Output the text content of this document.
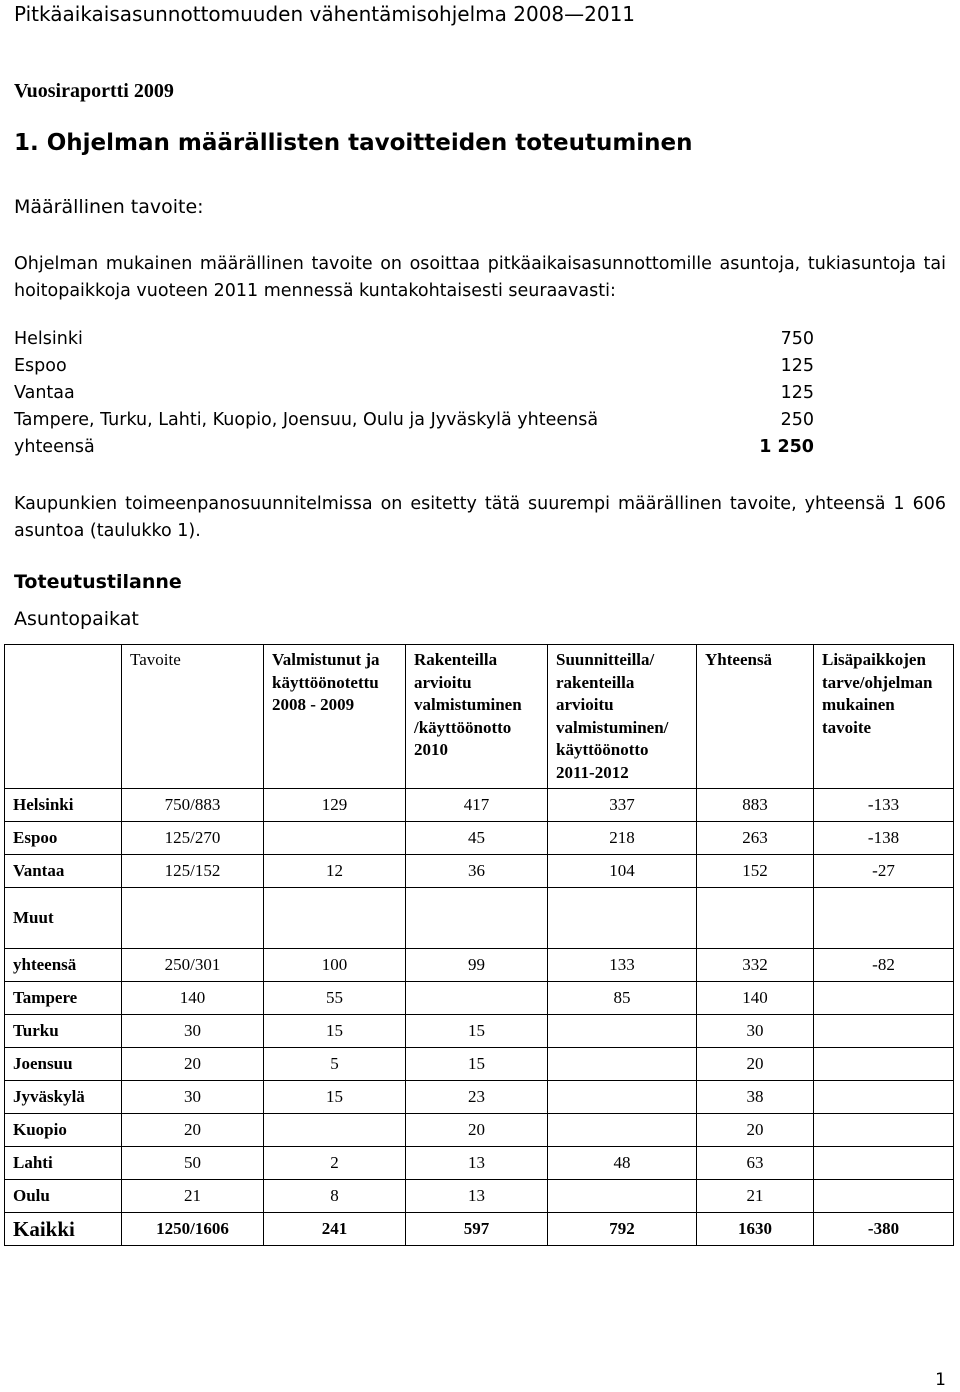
Pitkäaikaisasunnottomuuden vähentämisohjelma 2008—2011
Vuosiraportti 2009
1. Ohjelman määrällisten tavoitteiden toteutuminen
Määrällinen tavoite:
Ohjelman mukainen määrällinen tavoite on osoittaa pitkäaikaisasunnottomille asuntoja, tukiasuntoja tai hoitopaikkoja vuoteen 2011 mennessä kuntakohtaisesti seuraavasti:
Helsinki	750
Espoo	125
Vantaa	125
Tampere, Turku, Lahti, Kuopio, Joensuu, Oulu ja Jyväskylä yhteensä	250
yhteensä	1 250
Kaupunkien toimeenpanosuunnitelmissa on esitetty tätä suurempi määrällinen tavoite, yhteensä 1 606 asuntoa (taulukko 1).
Toteutustilanne
Asuntopaikat
	Tavoite	Valmistunut ja käyttöönotettu 2008 - 2009	Rakenteilla arvioitu valmistuminen /käyttöönotto 2010	Suunnitteilla/ rakenteilla arvioitu valmistuminen/ käyttöönotto 2011-2012	Yhteensä	Lisäpaikkojen tarve/ohjelman mukainen tavoite
Helsinki	750/883	129	417	337	883	-133
Espoo	125/270		45	218	263	-138
Vantaa	125/152	12	36	104	152	-27
Muut						
yhteensä	250/301	100	99	133	332	-82
Tampere	140	55		85	140	
Turku	30	15	15		30	
Joensuu	20	5	15		20	
Jyväskylä	30	15	23		38	
Kuopio	20		20		20	
Lahti	50	2	13	48	63	
Oulu	21	8	13		21	
Kaikki	1250/1606	241	597	792	1630	-380
1
